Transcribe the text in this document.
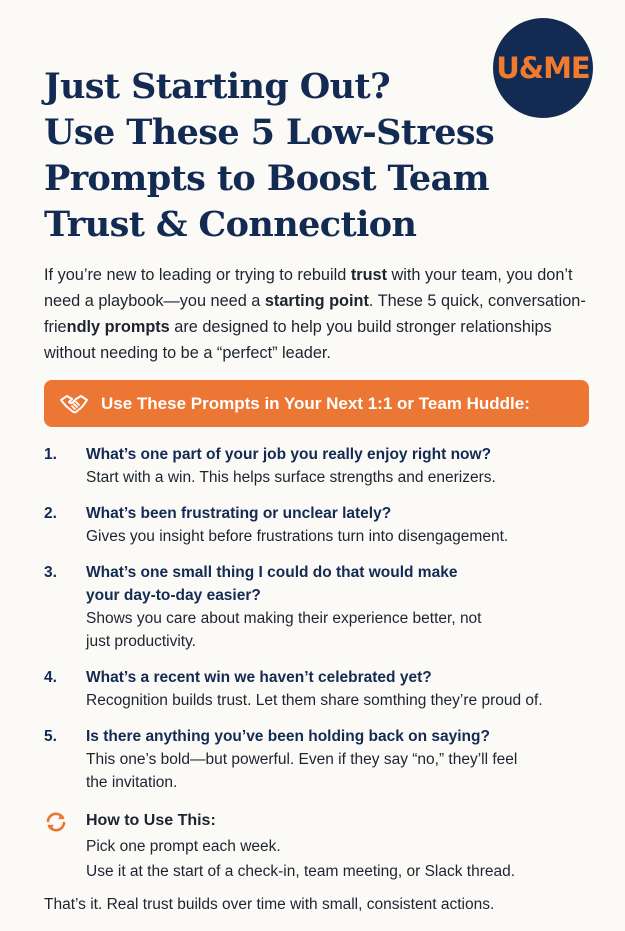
U&ME
Just Starting Out?
Use These 5 Low-Stress
Prompts to Boost Team
Trust & Connection

If you’re new to leading or trying to rebuild trust with your team, you don’t need a playbook—you need a starting point. These 5 quick, conversation-friendly prompts are designed to help you build stronger relationships without needing to be a “perfect” leader.

Use These Prompts in Your Next 1:1 or Team Huddle:
1. What’s one part of your job you really enjoy right now?
Start with a win. This helps surface strengths and enerizers.
2. What’s been frustrating or unclear lately?
Gives you insight before frustrations turn into disengagement.
3. What’s one small thing I could do that would make
your day-to-day easier?
Shows you care about making their experience better, not
just productivity.
4. What’s a recent win we haven’t celebrated yet?
Recognition builds trust. Let them share somthing they’re proud of.
5. Is there anything you’ve been holding back on saying?
This one’s bold—but powerful. Even if they say “no,” they’ll feel
the invitation.
How to Use This:
Pick one prompt each week.
Use it at the start of a check-in, team meeting, or Slack thread.
That’s it. Real trust builds over time with small, consistent actions.
